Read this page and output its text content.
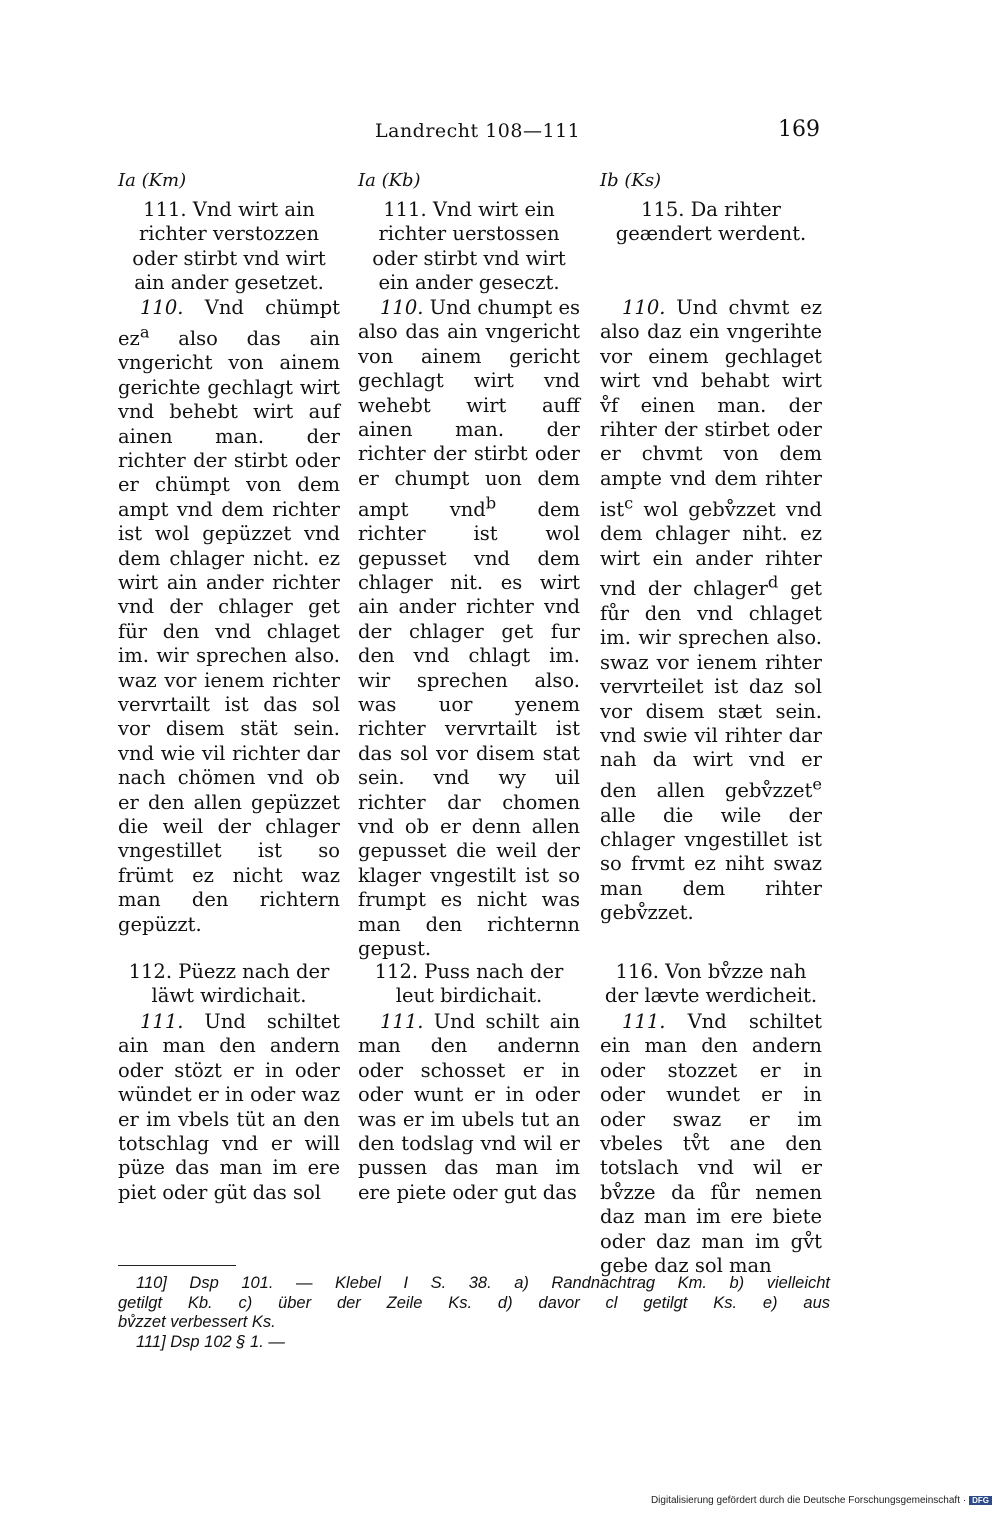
Landrecht 108—111	169
Ia (Km)

111. Vnd wirt ain richter verstozzen oder stirbt vnd wirt ain ander gesetzet.

110. Vnd chümpt $ez^a$ also das ain vngericht von ainem gerichte gechlagt wirt vnd behebt wirt auf ainen man. der richter der stirbt oder er chümpt von dem ampt vnd dem richter ist wol gepüzzet vnd dem chlager nicht. ez wirt ain ander richter vnd der chlager get für den vnd chlaget im. wir sprechen also. waz vor ienem richter vervrtailt ist das sol vor disem stät sein. vnd wie vil richter dar nach chömen vnd ob er den allen gepüzzet die weil der chlager vngestillet ist so frümt ez nicht waz man den richtern gepüzzt.

112. Püezz nach der läwt wirdichait.

111. Und schiltet ain man den andern oder stözt er in oder wündet er in oder waz er im vbels tüt an den totschlag vnd er will püze das man im ere piet oder güt das sol

Ia (Kb)

111. Vnd wirt ein richter uerstossen oder stirbt vnd wirt ein ander geseczt.

110. Und chumpt es also das ain vngericht von ainem gericht gechlagt wirt vnd wehebt wirt auff ainen man. der richter der stirbt oder er chumpt uon dem ampt vnd$^b$ dem richter ist wol gepusset vnd dem chlager nit. es wirt ain ander richter vnd der chlager get fur den vnd chlagt im. wir sprechen also. was uor yenem richter vervrtailt ist das sol vor disem stat sein. vnd wy uil richter dar chomen vnd ob er denn allen gepusset die weil der klager vngestilt ist so frumpt es nicht was man den richternn gepust.

112. Puss nach der leut birdichait.

111. Und schilt ain man den andernn oder schosset er in oder wunt er in oder was er im ubels tut an den todslag vnd wil er pussen das man im ere piete oder gut das

Ib (Ks)

115. Da rihter geændert werdent.

110. Und chvmt ez also daz ein vngerihte vor einem gechlaget wirt vnd behabt wirt v̊f einen man. der rihter der stirbet oder er chvmt von dem ampte vnd dem rihter ist$^c$ wol gebv̊zzet vnd dem chlager niht. ez wirt ein ander rihter vnd der chlager$^d$ get fůr den vnd chlaget im. wir sprechen also. swaz vor ienem rihter vervrteilet ist daz sol vor disem stæt sein. vnd swie vil rihter dar nah da wirt vnd er den allen gebv̊zzet$^e$ alle die wile der chlager vngestillet ist so frvmt ez niht swaz man dem rihter gebv̊zzet.

116. Von bv̊zze nah der lævte werdicheit.

111. Vnd schiltet ein man den andern oder stozzet er in oder wundet er in oder swaz er im vbeles tv̊t ane den totslach vnd wil er bv̊zze da fůr nemen daz man im ere biete oder daz man im gv̊t gebe daz sol man

110] Dsp 101. — Klebel I S. 38. a) Randnachtrag Km. b) vielleicht

getilgt Kb. c) über der Zeile Ks. d) davor cl getilgt Ks. e) aus

bv̊zzet verbessert Ks.

111] Dsp 102 § 1. —

Digitalisierung gefördert durch die Deutsche Forschungsgemeinschaft · DFG
